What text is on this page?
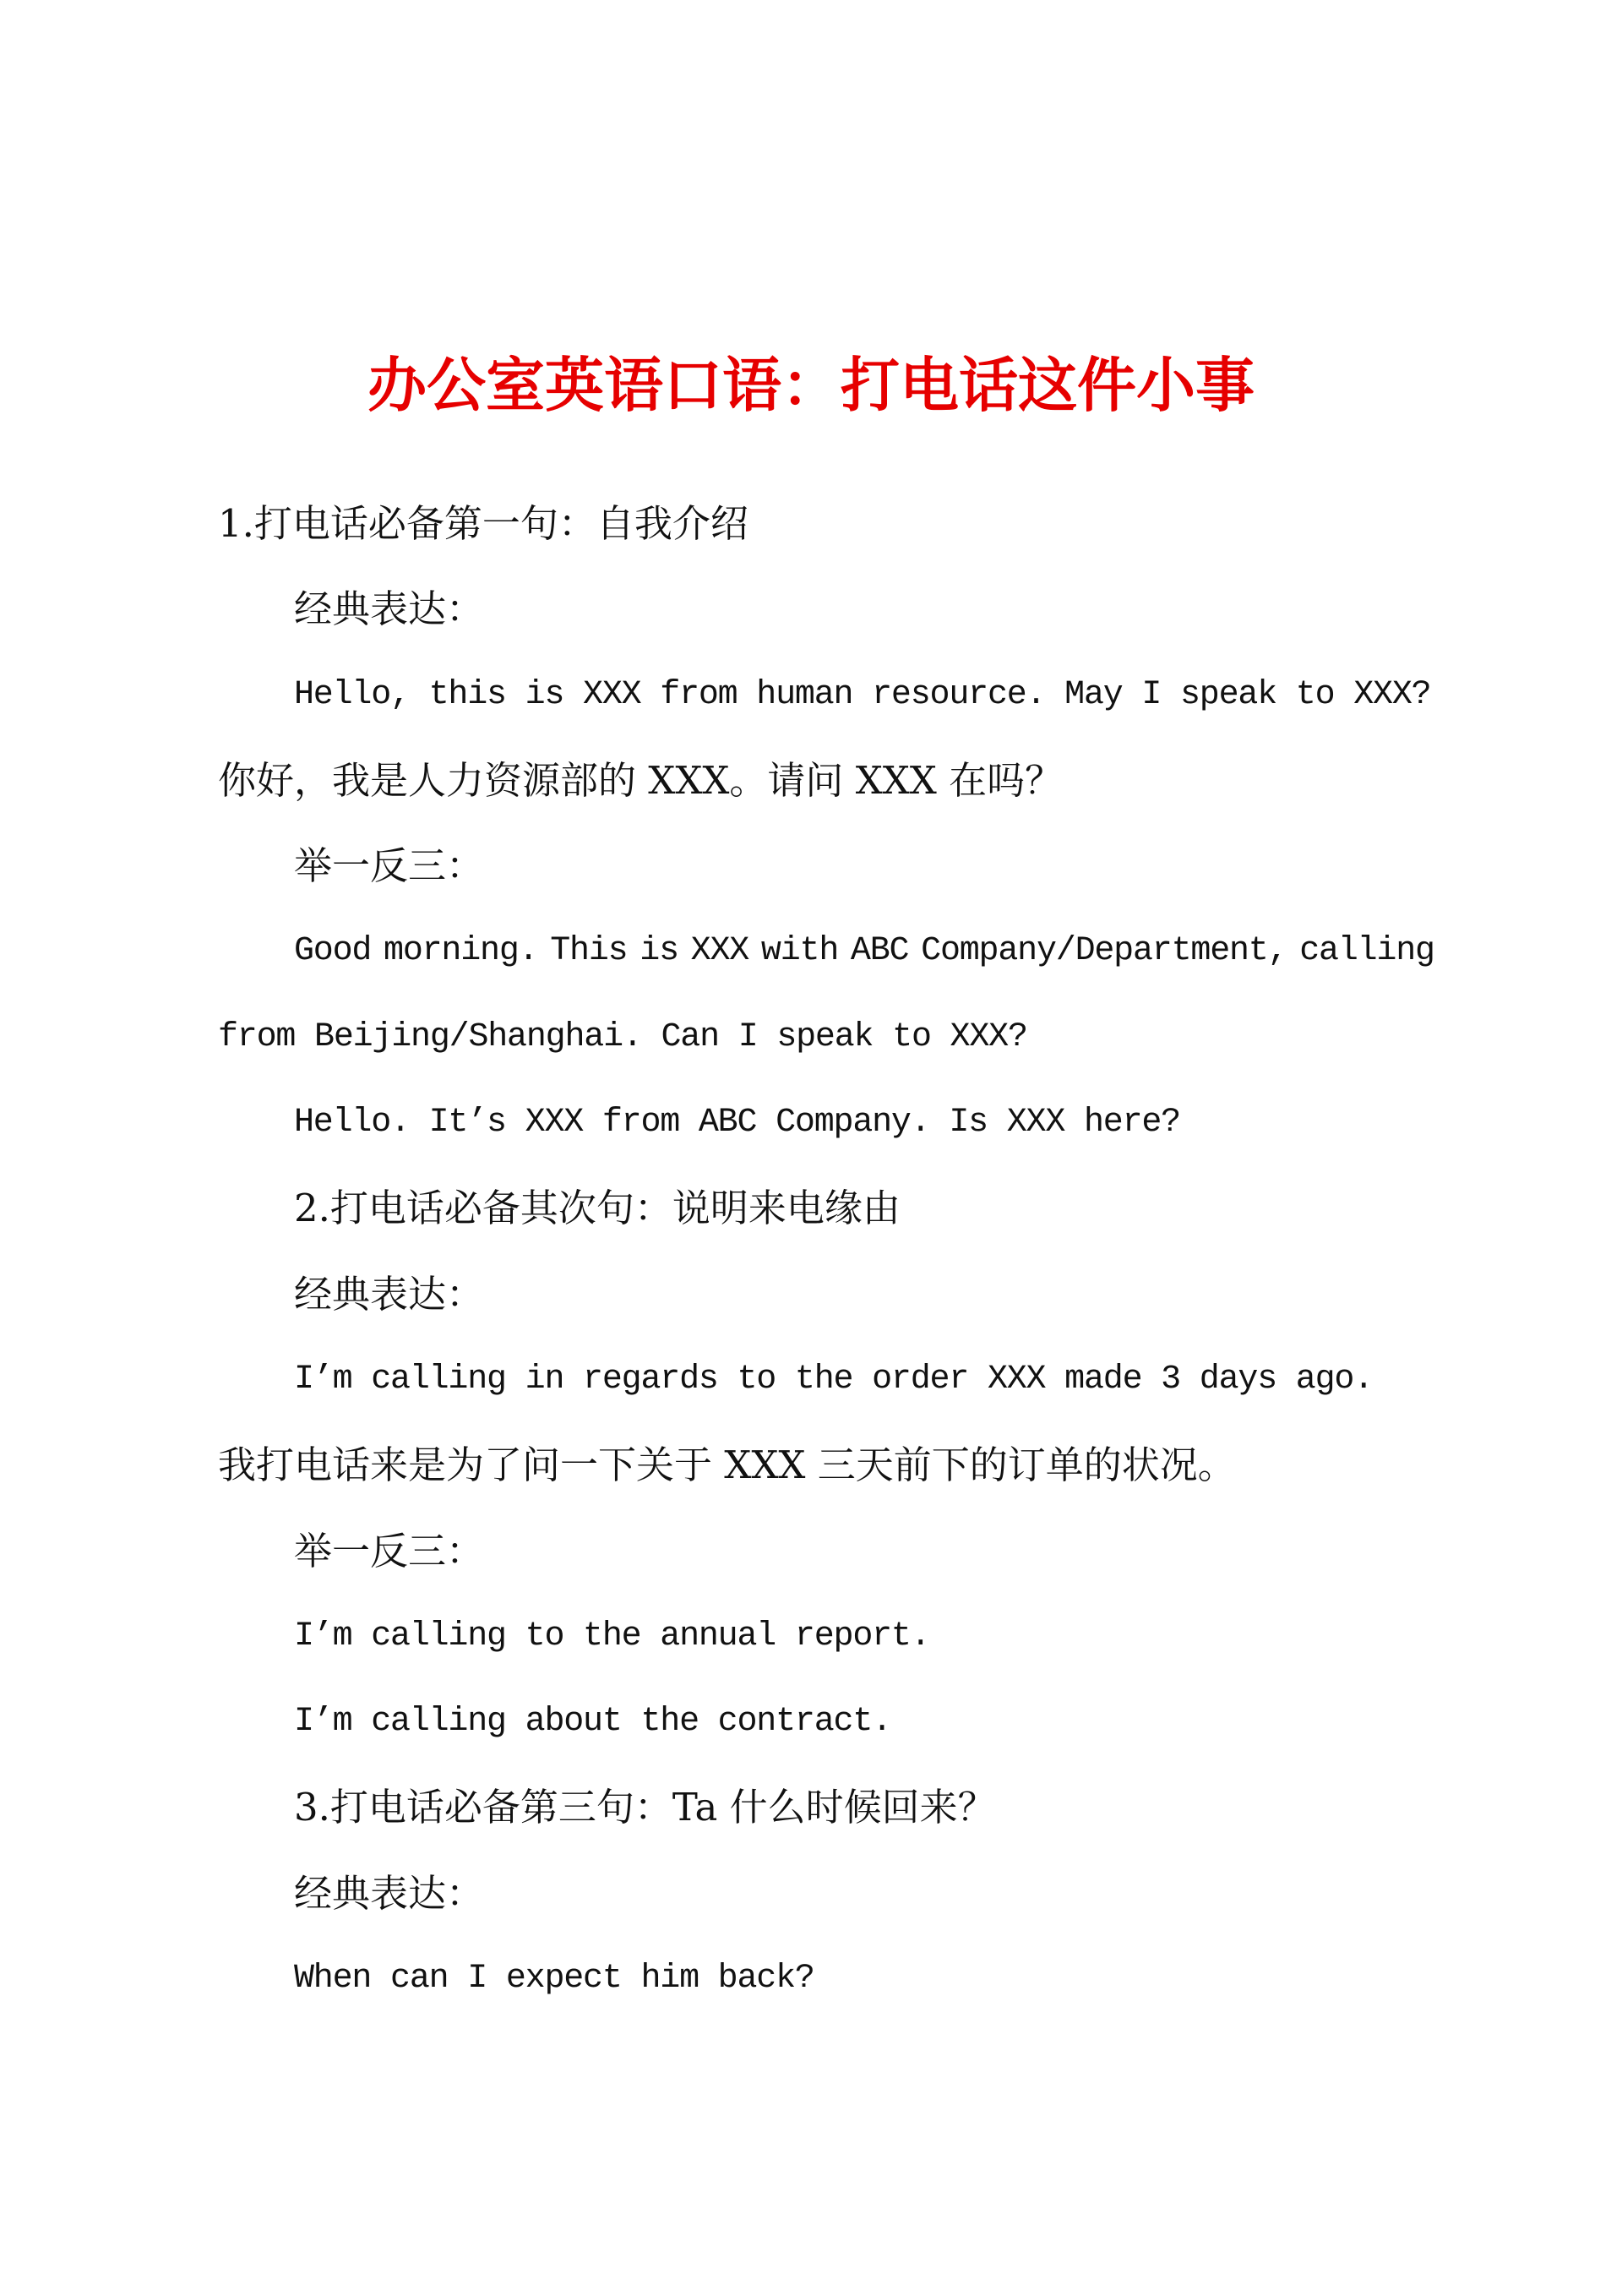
办公室英语口语：打电话这件小事
1.打电话必备第一句：自我介绍
经典表达：
Hello, this is XXX from human resource. May I speak to XXX?
你好，我是人力资源部的 XXX。请问 XXX 在吗？
举一反三：
Good morning. This is XXX with ABC Company/Department, calling
from Beijing/Shanghai. Can I speak to XXX?
Hello. It’s XXX from ABC Company. Is XXX here?
2.打电话必备其次句：说明来电缘由
经典表达：
I’m calling in regards to the order XXX made 3 days ago.
我打电话来是为了问一下关于 XXX 三天前下的订单的状况。
举一反三：
I’m calling to the annual report.
I’m calling about the contract.
3.打电话必备第三句：Ta 什么时候回来？
经典表达：
When can I expect him back?
